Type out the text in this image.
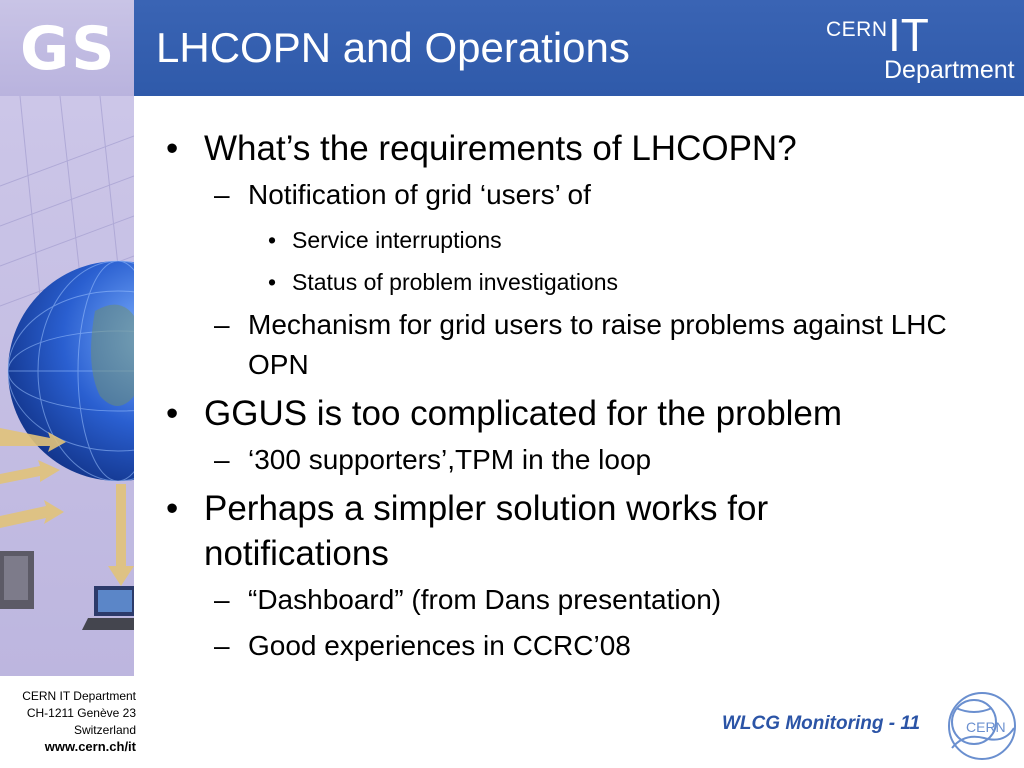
LHCOPN and Operations	CERN IT
Department
GS
CERN IT Department
CH-1211 Genève 23
Switzerland
www.cern.ch/it
• What’s the requirements of LHCOPN?
– Notification of grid ‘users’ of
• Service interruptions
• Status of problem investigations
– Mechanism for grid users to raise problems against LHC OPN
• GGUS is too complicated for the problem
– ‘300 supporters’,TPM in the loop
• Perhaps a simpler solution works for notifications
– “Dashboard” (from Dans presentation)
– Good experiences in CCRC’08
WLCG Monitoring - 11	CERN
